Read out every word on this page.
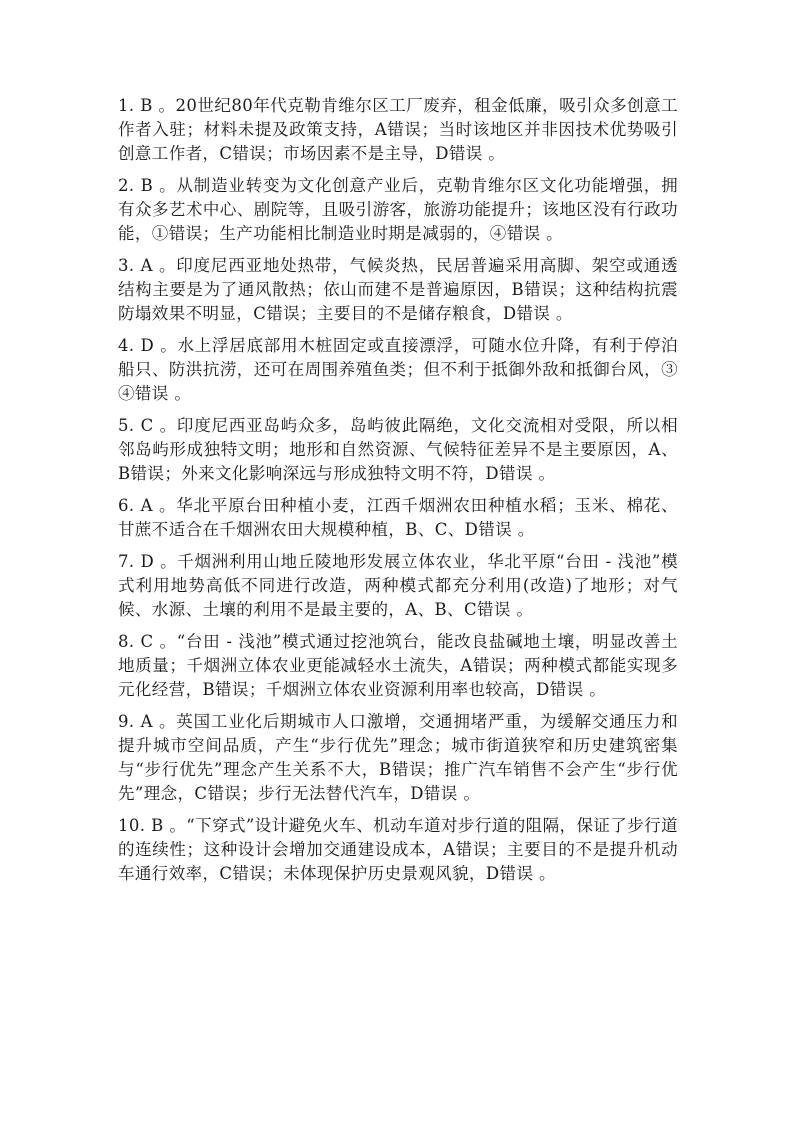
1. B 。20世纪80年代克勒肯维尔区工厂废弃，租金低廉，吸引众多创意工作者入驻；材料未提及政策支持，A错误；当时该地区并非因技术优势吸引创意工作者，C错误；市场因素不是主导，D错误 。

2. B 。从制造业转变为文化创意产业后，克勒肯维尔区文化功能增强，拥有众多艺术中心、剧院等，且吸引游客，旅游功能提升；该地区没有行政功能，①错误；生产功能相比制造业时期是减弱的，④错误 。

3. A 。印度尼西亚地处热带，气候炎热，民居普遍采用高脚、架空或通透结构主要是为了通风散热；依山而建不是普遍原因，B错误；这种结构抗震防塌效果不明显，C错误；主要目的不是储存粮食，D错误 。

4. D 。水上浮居底部用木桩固定或直接漂浮，可随水位升降，有利于停泊船只、防洪抗涝，还可在周围养殖鱼类；但不利于抵御外敌和抵御台风，③④错误 。

5. C 。印度尼西亚岛屿众多，岛屿彼此隔绝，文化交流相对受限，所以相邻岛屿形成独特文明；地形和自然资源、气候特征差异不是主要原因，A、B错误；外来文化影响深远与形成独特文明不符，D错误 。

6. A 。华北平原台田种植小麦，江西千烟洲农田种植水稻；玉米、棉花、甘蔗不适合在千烟洲农田大规模种植，B、C、D错误 。

7. D 。千烟洲利用山地丘陵地形发展立体农业，华北平原“台田 - 浅池”模式利用地势高低不同进行改造，两种模式都充分利用(改造)了地形；对气候、水源、土壤的利用不是最主要的，A、B、C错误 。

8. C 。“台田 - 浅池”模式通过挖池筑台，能改良盐碱地土壤，明显改善土地质量；千烟洲立体农业更能减轻水土流失，A错误；两种模式都能实现多元化经营，B错误；千烟洲立体农业资源利用率也较高，D错误 。

9. A 。英国工业化后期城市人口激增，交通拥堵严重，为缓解交通压力和提升城市空间品质，产生“步行优先”理念；城市街道狭窄和历史建筑密集与“步行优先”理念产生关系不大，B错误；推广汽车销售不会产生“步行优先”理念，C错误；步行无法替代汽车，D错误 。

10. B 。“下穿式”设计避免火车、机动车道对步行道的阻隔，保证了步行道的连续性；这种设计会增加交通建设成本，A错误；主要目的不是提升机动车通行效率，C错误；未体现保护历史景观风貌，D错误 。
